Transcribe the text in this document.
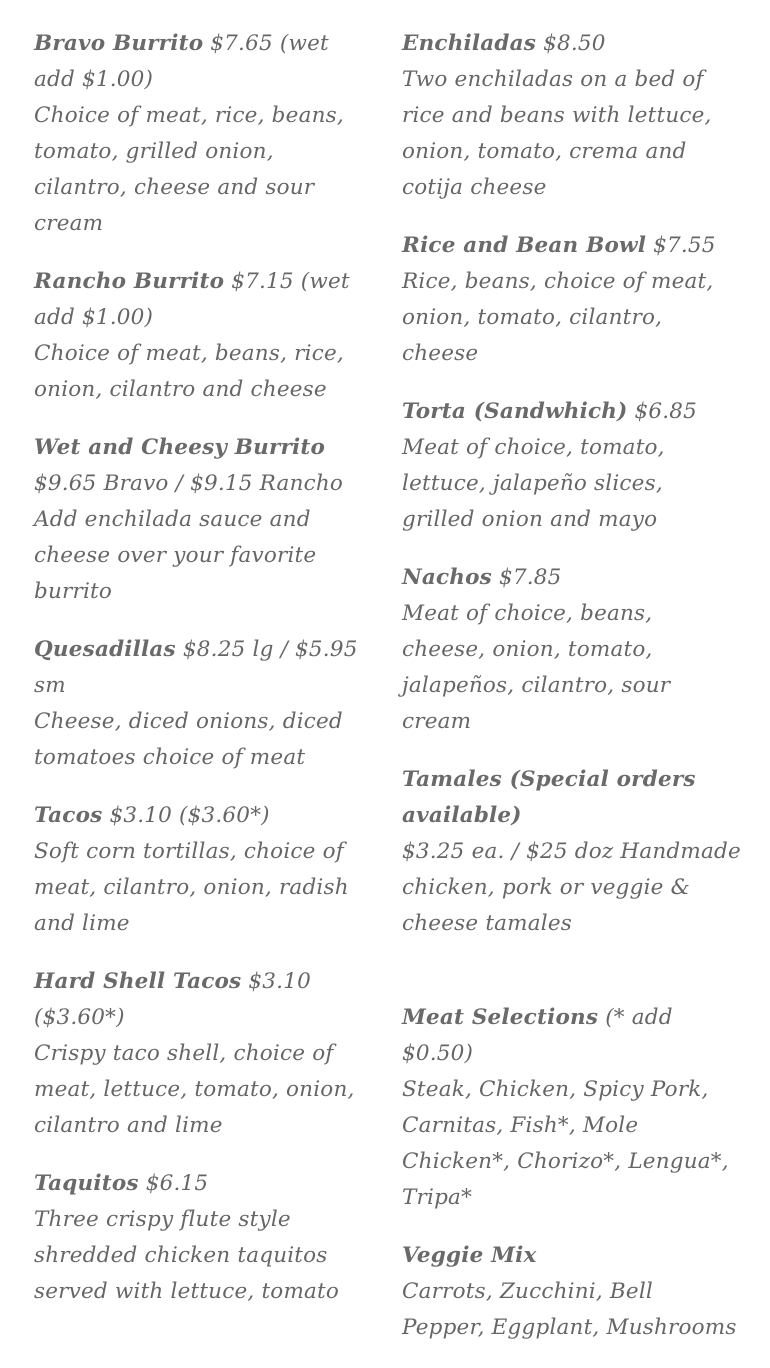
Bravo Burrito $7.65 (wet add $1.00)
Choice of meat, rice, beans, tomato, grilled onion, cilantro, cheese and sour cream
Rancho Burrito $7.15 (wet add $1.00)
Choice of meat, beans, rice, onion, cilantro and cheese
Wet and Cheesy Burrito $9.65 Bravo / $9.15 Rancho
Add enchilada sauce and cheese over your favorite burrito
Quesadillas $8.25 lg / $5.95 sm
Cheese, diced onions, diced tomatoes choice of meat
Tacos $3.10 ($3.60*)
Soft corn tortillas, choice of meat, cilantro, onion, radish and lime
Hard Shell Tacos $3.10 ($3.60*)
Crispy taco shell, choice of meat, lettuce, tomato, onion, cilantro and lime
Taquitos $6.15
Three crispy flute style shredded chicken taquitos served with lettuce, tomato
Enchiladas $8.50
Two enchiladas on a bed of rice and beans with lettuce, onion, tomato, crema and cotija cheese
Rice and Bean Bowl $7.55
Rice, beans, choice of meat, onion, tomato, cilantro, cheese
Torta (Sandwhich) $6.85
Meat of choice, tomato, lettuce, jalapeño slices, grilled onion and mayo
Nachos $7.85
Meat of choice, beans, cheese, onion, tomato, jalapeños, cilantro, sour cream
Tamales (Special orders available)
$3.25 ea. / $25 doz Handmade chicken, pork or veggie & cheese tamales
Meat Selections (* add $0.50)
Steak, Chicken, Spicy Pork, Carnitas, Fish*, Mole Chicken*, Chorizo*, Lengua*, Tripa*
Veggie Mix
Carrots, Zucchini, Bell Pepper, Eggplant, Mushrooms
